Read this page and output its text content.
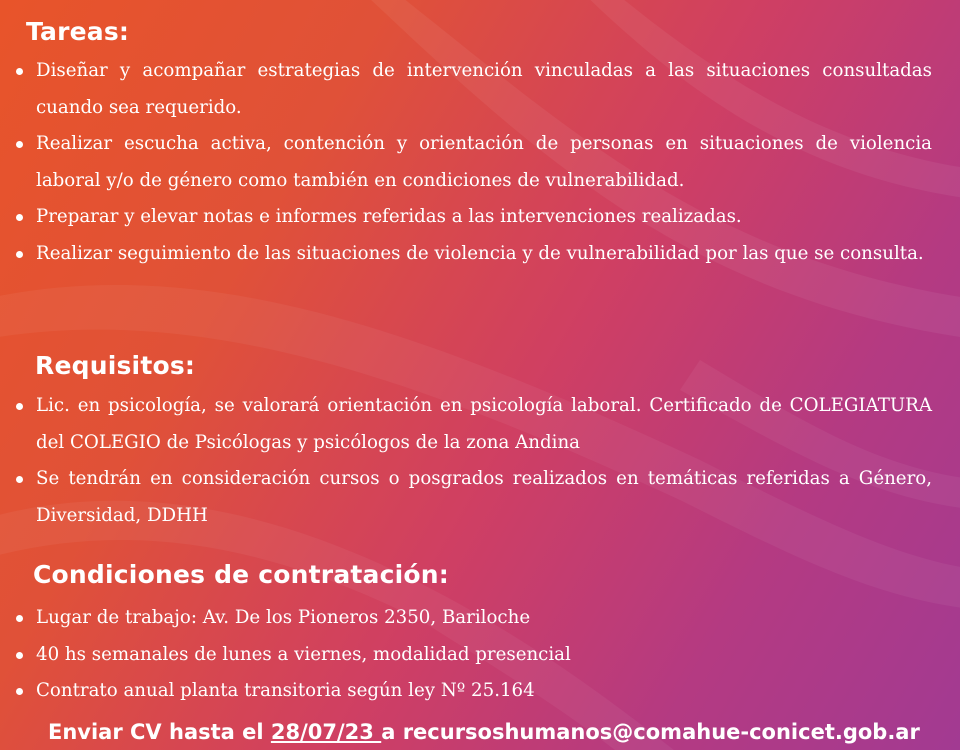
Tareas:
Diseñar y acompañar estrategias de intervención vinculadas a las situaciones consultadas cuando sea requerido.
Realizar escucha activa, contención y orientación de personas en situaciones de violencia laboral y/o de género como también en condiciones de vulnerabilidad.
Preparar y elevar notas e informes referidas a las intervenciones realizadas.
Realizar seguimiento de las situaciones de violencia y de vulnerabilidad por las que se consulta.
Requisitos:
Lic. en psicología, se valorará orientación en psicología laboral. Certificado de COLEGIATURA del COLEGIO de Psicólogas y psicólogos de la zona Andina
Se tendrán en consideración cursos o posgrados realizados en temáticas referidas a Género, Diversidad, DDHH
Condiciones de contratación:
Lugar de trabajo: Av. De los Pioneros 2350, Bariloche
40 hs semanales de lunes a viernes, modalidad presencial
Contrato anual planta transitoria según ley Nº 25.164
Enviar CV hasta el 28/07/23 a recursoshumanos@comahue-conicet.gob.ar
